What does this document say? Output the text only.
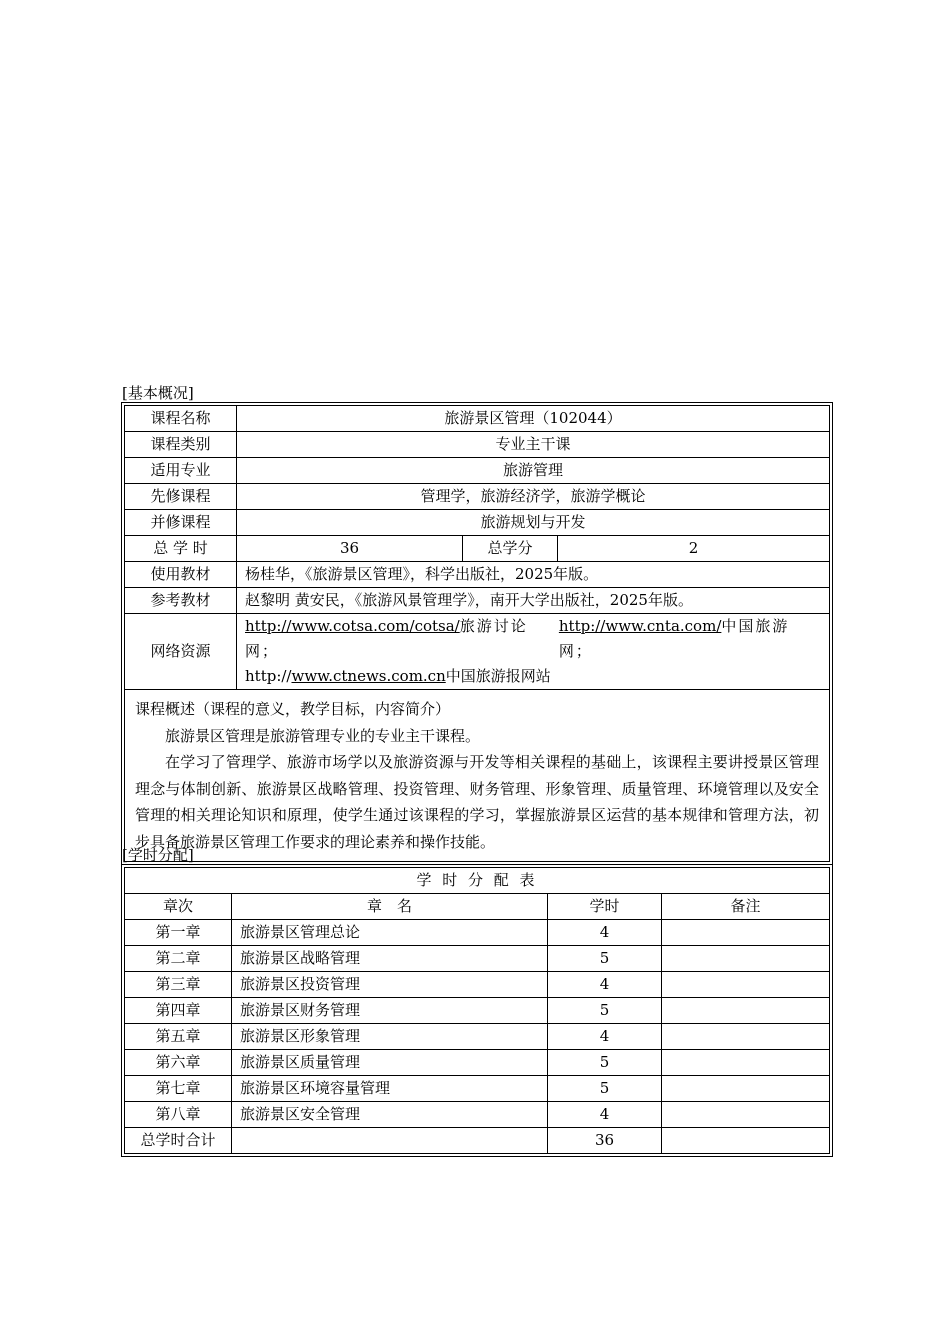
[基本概况]
课程名称	旅游景区管理（102044）		
课程类别	专业主干课		
适用专业	旅游管理		
先修课程	管理学，旅游经济学，旅游学概论		
并修课程	旅游规划与开发		
总 学 时	36	总学分	2
使用教材	杨桂华，《旅游景区管理》，科学出版社，2025年版。		
参考教材	赵黎明 黄安民，《旅游风景管理学》，南开大学出版社，2025年版。		
网络资源	http://www.cotsa.com/cotsa/旅游讨论网；
http://www.cnta.com/中国旅游网；
http://www.ctnews.com.cn中国旅游报网站		

课程概述（课程的意义，教学目标，内容简介）

旅游景区管理是旅游管理专业的专业主干课程。

在学习了管理学、旅游市场学以及旅游资源与开发等相关课程的基础上，该课程主要讲授景区管理理念与体制创新、旅游景区战略管理、投资管理、财务管理、形象管理、质量管理、环境管理以及安全管理的相关理论知识和原理，使学生通过该课程的学习，掌握旅游景区运营的基本规律和管理方法，初步具备旅游景区管理工作要求的理论素养和操作技能。			

[学时分配]
学 时 分 配 表			
章次	章　名	学时	备注
第一章	旅游景区管理总论	4	
第二章	旅游景区战略管理	5	
第三章	旅游景区投资管理	4	
第四章	旅游景区财务管理	5	
第五章	旅游景区形象管理	4	
第六章	旅游景区质量管理	5	
第七章	旅游景区环境容量管理	5	
第八章	旅游景区安全管理	4	
总学时合计		36	
